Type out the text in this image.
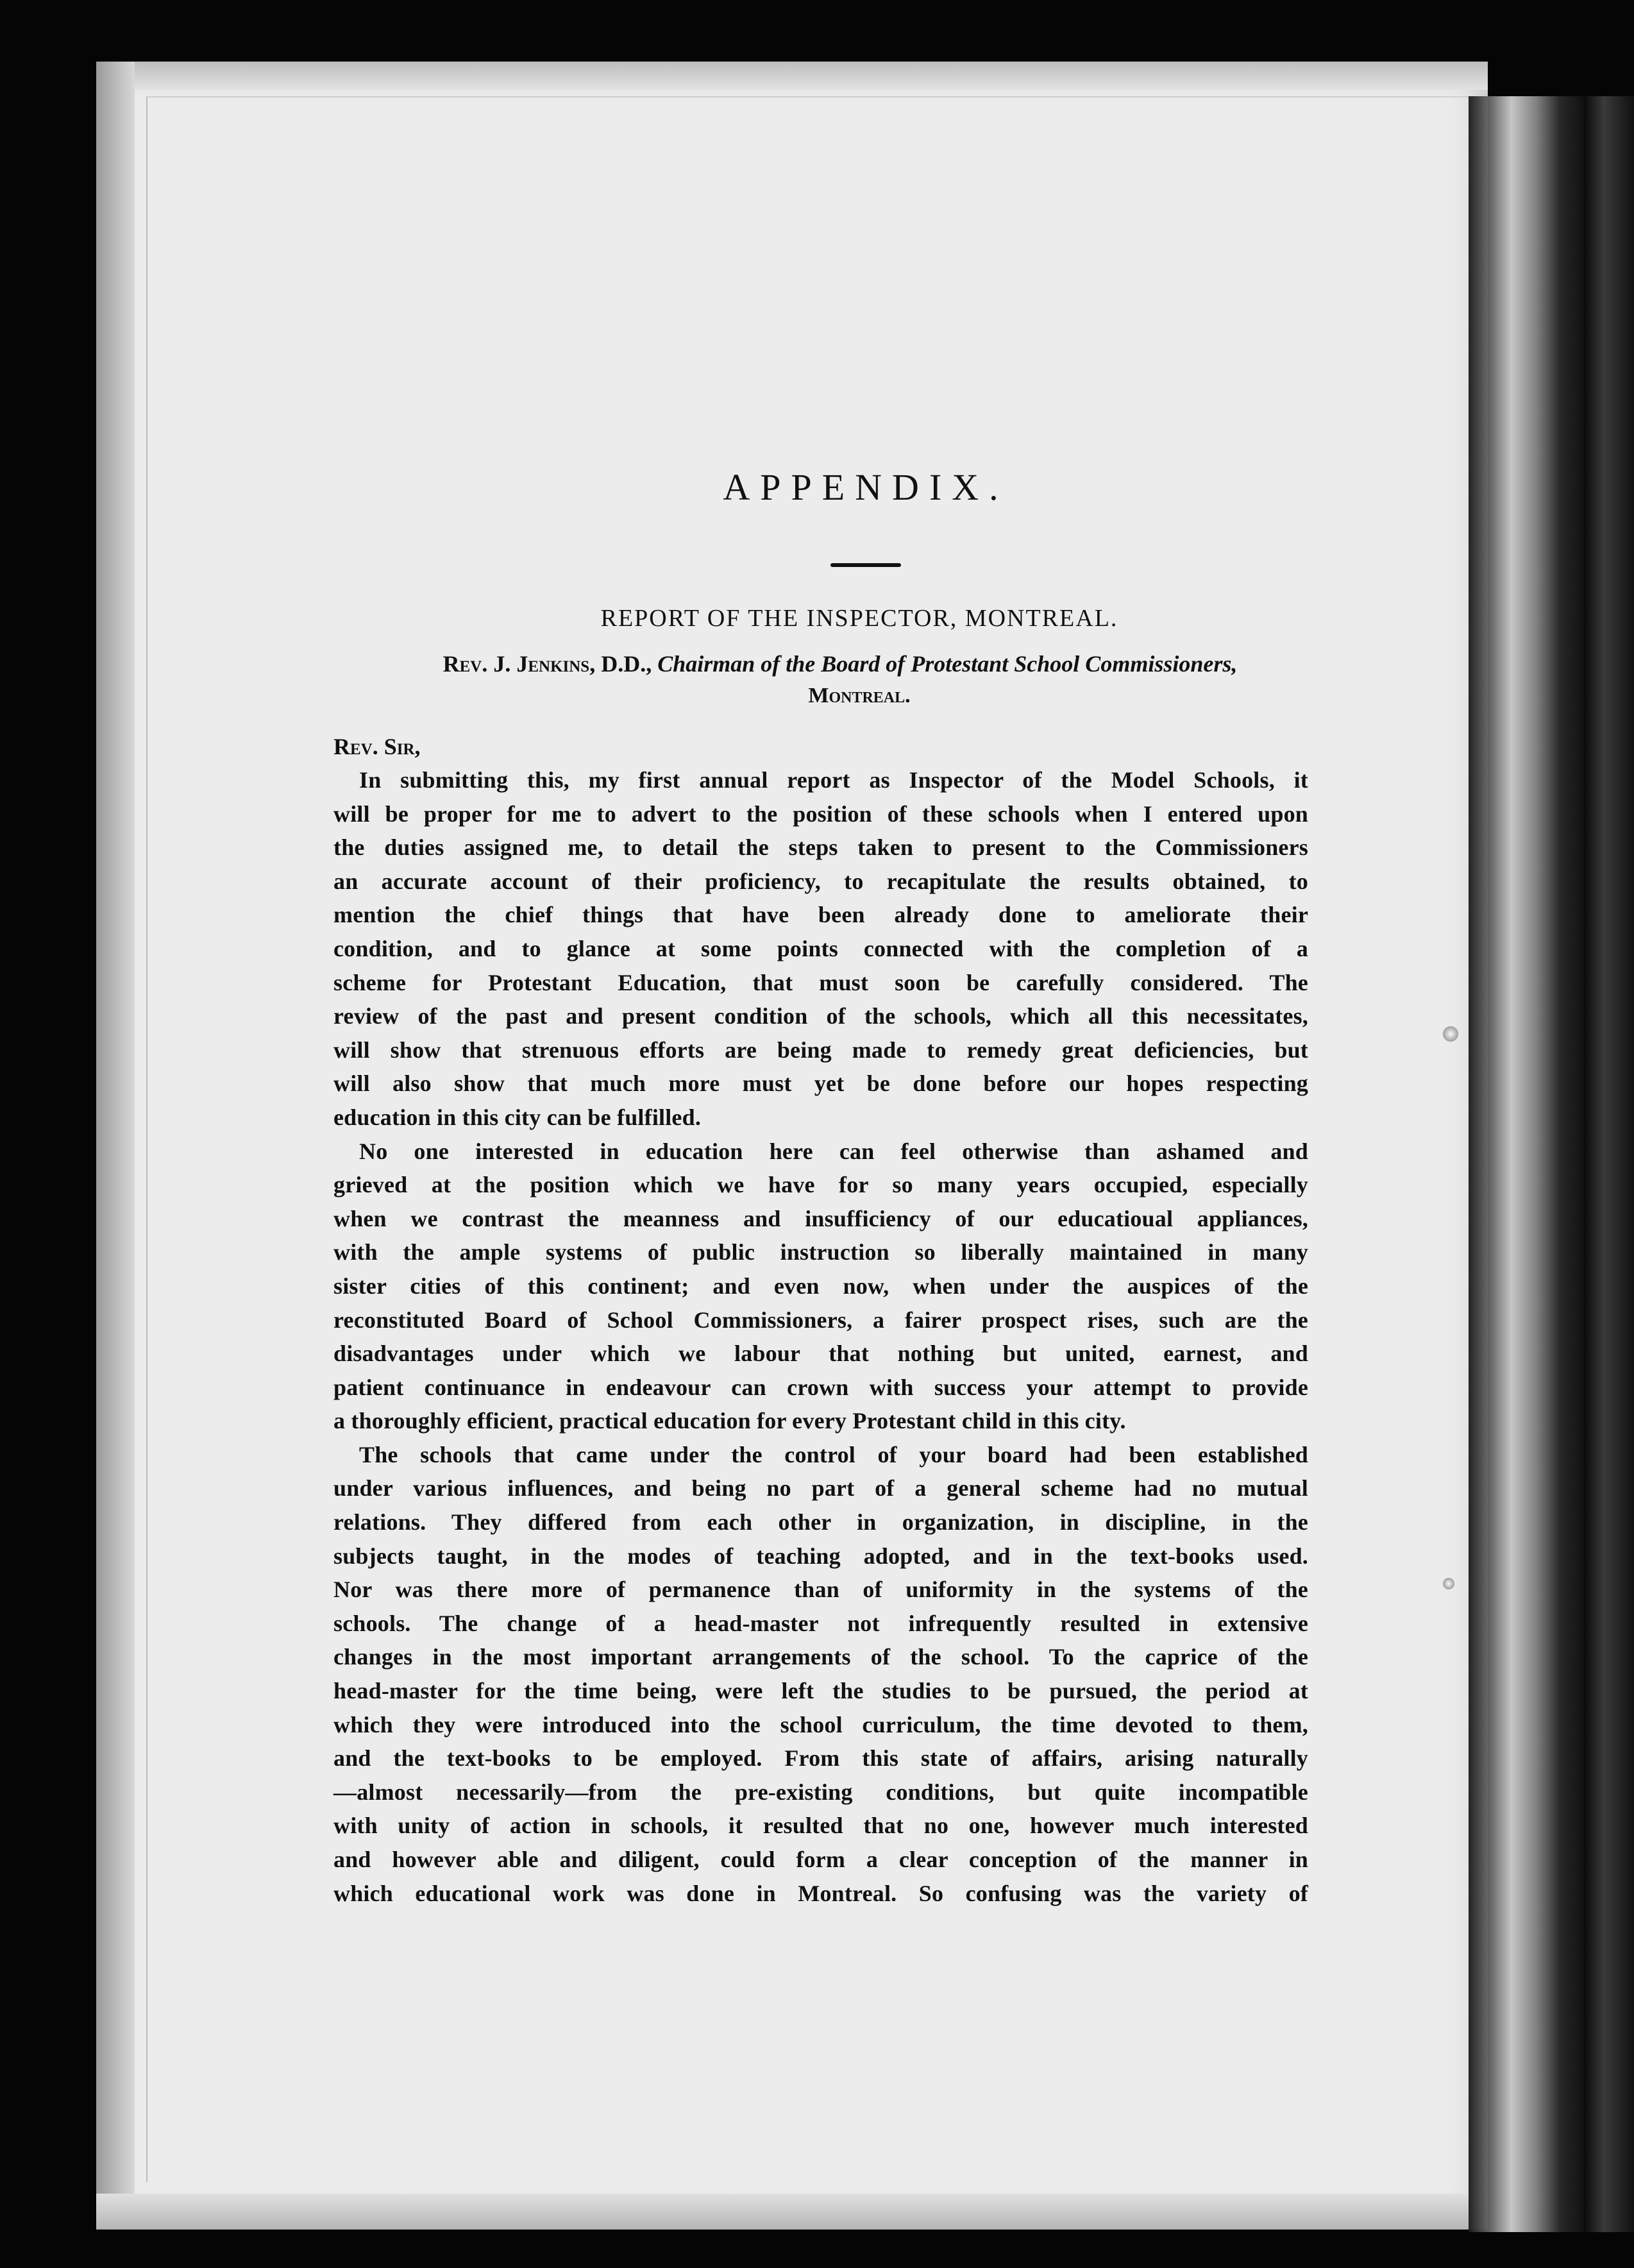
APPENDIX.
REPORT OF THE INSPECTOR, MONTREAL.
Rev. J. Jenkins, D.D., Chairman of the Board of Protestant School Commissioners,
Montreal.
Rev. Sir,
In submitting this, my first annual report as Inspector of the Model Schools, it
will be proper for me to advert to the position of these schools when I entered upon
the duties assigned me, to detail the steps taken to present to the Commissioners
an accurate account of their proficiency, to recapitulate the results obtained, to
mention the chief things that have been already done to ameliorate their
condition, and to glance at some points connected with the completion of a
scheme for Protestant Education, that must soon be carefully considered. The
review of the past and present condition of the schools, which all this necessitates,
will show that strenuous efforts are being made to remedy great deficiencies, but
will also show that much more must yet be done before our hopes respecting
education in this city can be fulfilled.
No one interested in education here can feel otherwise than ashamed and
grieved at the position which we have for so many years occupied, especially
when we contrast the meanness and insufficiency of our educatioual appliances,
with the ample systems of public instruction so liberally maintained in many
sister cities of this continent; and even now, when under the auspices of the
reconstituted Board of School Commissioners, a fairer prospect rises, such are the
disadvantages under which we labour that nothing but united, earnest, and
patient continuance in endeavour can crown with success your attempt to provide
a thoroughly efficient, practical education for every Protestant child in this city.
The schools that came under the control of your board had been established
under various influences, and being no part of a general scheme had no mutual
relations. They differed from each other in organization, in discipline, in the
subjects taught, in the modes of teaching adopted, and in the text-books used.
Nor was there more of permanence than of uniformity in the systems of the
schools. The change of a head-master not infrequently resulted in extensive
changes in the most important arrangements of the school. To the caprice of the
head-master for the time being, were left the studies to be pursued, the period at
which they were introduced into the school curriculum, the time devoted to them,
and the text-books to be employed. From this state of affairs, arising naturally
—almost necessarily—from the pre-existing conditions, but quite incompatible
with unity of action in schools, it resulted that no one, however much interested
and however able and diligent, could form a clear conception of the manner in
which educational work was done in Montreal. So confusing was the variety of
